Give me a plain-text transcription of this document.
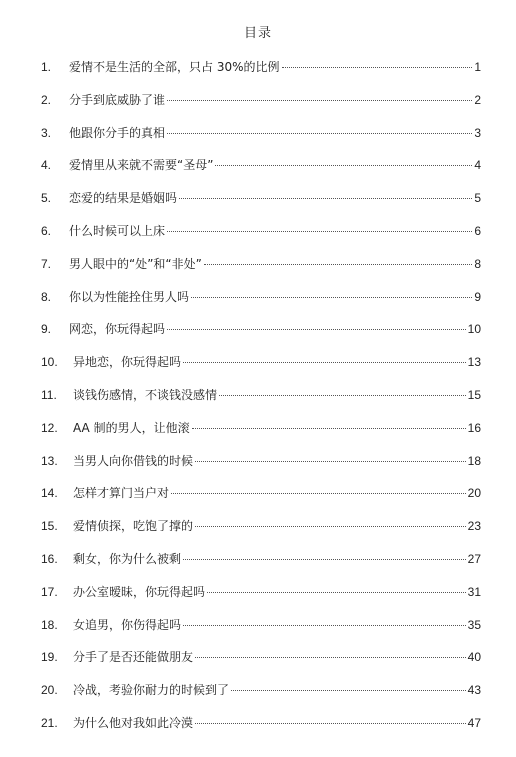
目录
1.	爱情不是生活的全部，只占 30%的比例	1
2.	分手到底威胁了谁	2
3.	他跟你分手的真相	3
4.	爱情里从来就不需要“圣母”	4
5.	恋爱的结果是婚姻吗	5
6.	什么时候可以上床	6
7.	男人眼中的“处”和“非处”	8
8.	你以为性能拴住男人吗	9
9.	网恋，你玩得起吗	10
10.	异地恋，你玩得起吗	13
11.	谈钱伤感情，不谈钱没感情	15
12.	AA 制的男人，让他滚	16
13.	当男人向你借钱的时候	18
14.	怎样才算门当户对	20
15.	爱情侦探，吃饱了撑的	23
16.	剩女，你为什么被剩	27
17.	办公室暧昧，你玩得起吗	31
18.	女追男，你伤得起吗	35
19.	分手了是否还能做朋友	40
20.	冷战，考验你耐力的时候到了	43
21.	为什么他对我如此冷漠	47
